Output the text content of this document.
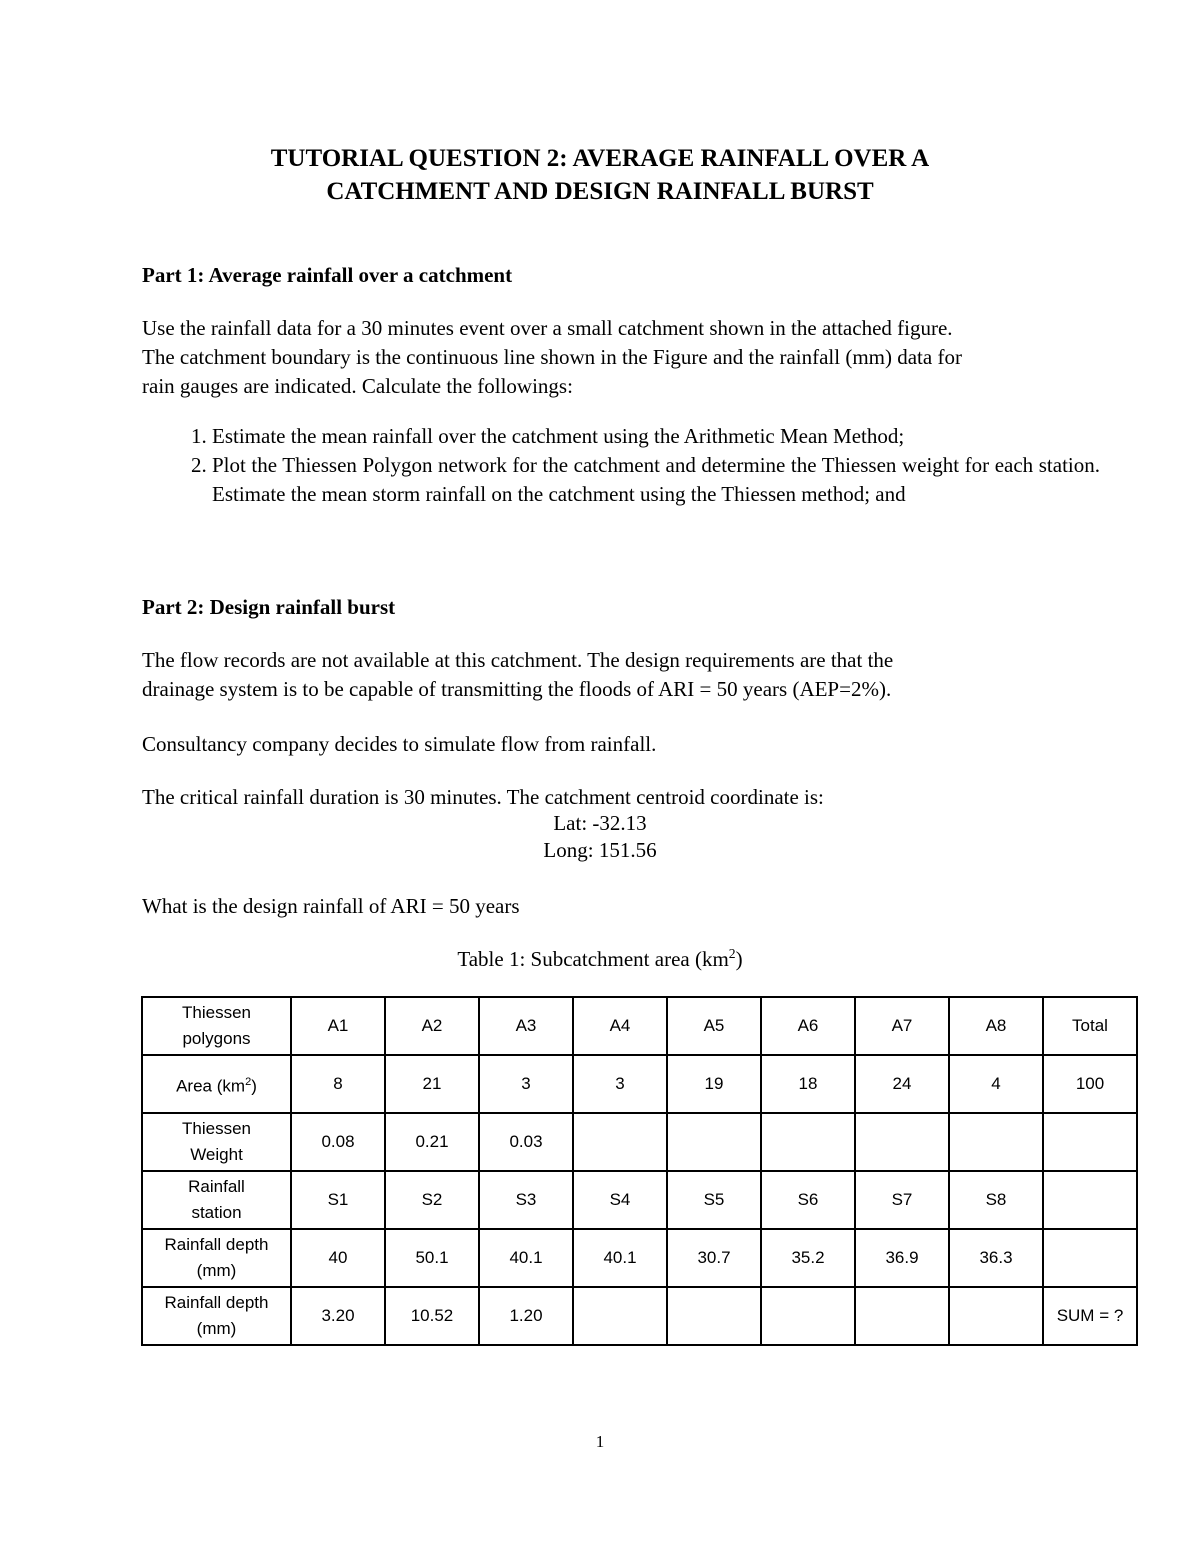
TUTORIAL QUESTION 2: AVERAGE RAINFALL OVER A
CATCHMENT AND DESIGN RAINFALL BURST
Part 1: Average rainfall over a catchment
Use the rainfall data for a 30 minutes event over a small catchment shown in the attached figure.
The catchment boundary is the continuous line shown in the Figure and the rainfall (mm) data for
rain gauges are indicated. Calculate the followings:
1. Estimate the mean rainfall over the catchment using the Arithmetic Mean Method;
2. Plot the Thiessen Polygon network for the catchment and determine the Thiessen weight for each station. Estimate the mean storm rainfall on the catchment using the Thiessen method; and
Part 2: Design rainfall burst
The flow records are not available at this catchment. The design requirements are that the
drainage system is to be capable of transmitting the floods of ARI = 50 years (AEP=2%).
Consultancy company decides to simulate flow from rainfall.
The critical rainfall duration is 30 minutes. The catchment centroid coordinate is:
Lat: -32.13
Long: 151.56
What is the design rainfall of ARI = 50 years
Table 1: Subcatchment area $(km^2)$
Thiessen
polygons	A1	A2	A3	A4	A5	A6	A7	A8	Total

Area $(km^2)$	8	21	3	3	19	18	24	4	100

Thiessen
Weight	0.08	0.21	0.03						

Rainfall
station	S1	S2	S3	S4	S5	S6	S7	S8	

Rainfall depth
(mm)	40	50.1	40.1	40.1	30.7	35.2	36.9	36.3	

Rainfall depth
(mm)	3.20	10.52	1.20						SUM = ?
1
